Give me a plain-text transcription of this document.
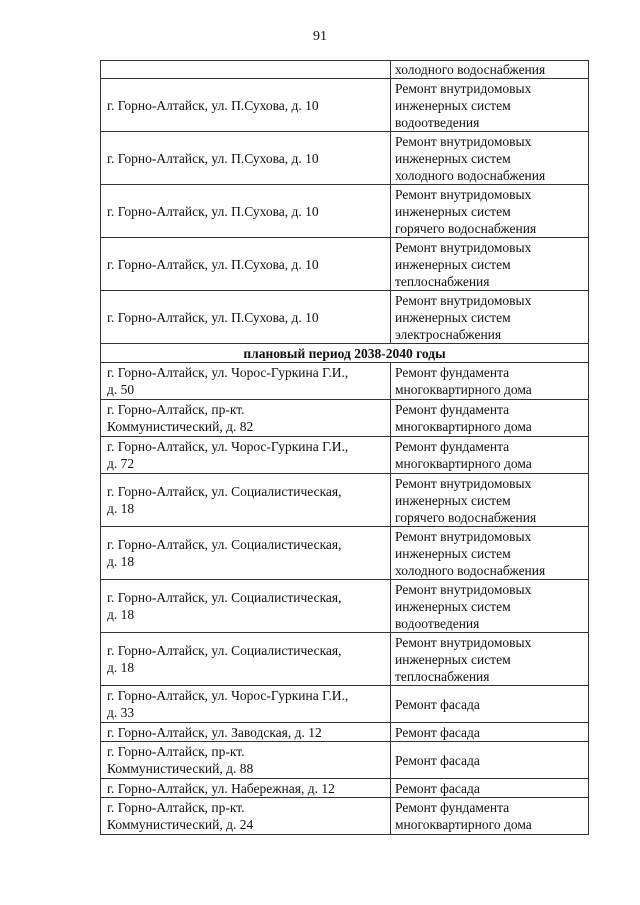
91
	холодного водоснабжения
г. Горно-Алтайск, ул. П.Сухова, д. 10	Ремонт внутридомовых
инженерных систем
водоотведения
г. Горно-Алтайск, ул. П.Сухова, д. 10	Ремонт внутридомовых
инженерных систем
холодного водоснабжения
г. Горно-Алтайск, ул. П.Сухова, д. 10	Ремонт внутридомовых
инженерных систем
горячего водоснабжения
г. Горно-Алтайск, ул. П.Сухова, д. 10	Ремонт внутридомовых
инженерных систем
теплоснабжения
г. Горно-Алтайск, ул. П.Сухова, д. 10	Ремонт внутридомовых
инженерных систем
электроснабжения
плановый период 2038-2040 годы	
г. Горно-Алтайск, ул. Чорос-Гуркина Г.И.,
д. 50	Ремонт фундамента
многоквартирного дома
г. Горно-Алтайск, пр-кт.
Коммунистический, д. 82	Ремонт фундамента
многоквартирного дома
г. Горно-Алтайск, ул. Чорос-Гуркина Г.И.,
д. 72	Ремонт фундамента
многоквартирного дома
г. Горно-Алтайск, ул. Социалистическая,
д. 18	Ремонт внутридомовых
инженерных систем
горячего водоснабжения
г. Горно-Алтайск, ул. Социалистическая,
д. 18	Ремонт внутридомовых
инженерных систем
холодного водоснабжения
г. Горно-Алтайск, ул. Социалистическая,
д. 18	Ремонт внутридомовых
инженерных систем
водоотведения
г. Горно-Алтайск, ул. Социалистическая,
д. 18	Ремонт внутридомовых
инженерных систем
теплоснабжения
г. Горно-Алтайск, ул. Чорос-Гуркина Г.И.,
д. 33	Ремонт фасада
г. Горно-Алтайск, ул. Заводская, д. 12	Ремонт фасада
г. Горно-Алтайск, пр-кт.
Коммунистический, д. 88	Ремонт фасада
г. Горно-Алтайск, ул. Набережная, д. 12	Ремонт фасада
г. Горно-Алтайск, пр-кт.
Коммунистический, д. 24	Ремонт фундамента
многоквартирного дома
